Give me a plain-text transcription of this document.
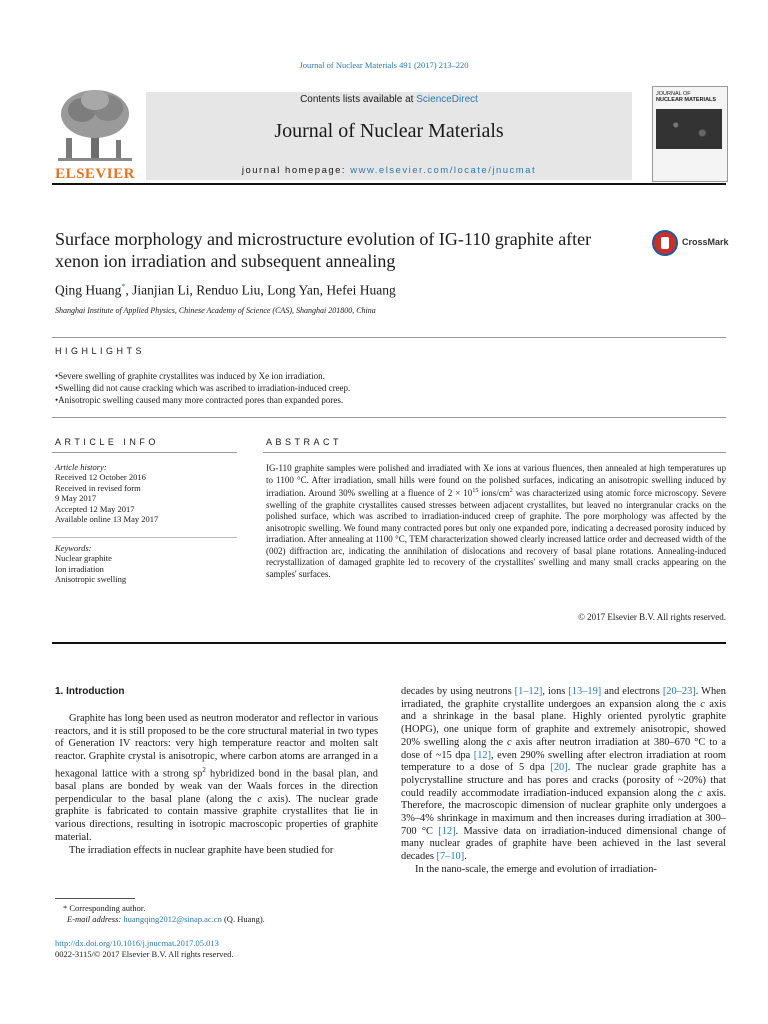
Journal of Nuclear Materials 491 (2017) 213–220
ELSEVIER
Contents lists available at ScienceDirect
Journal of Nuclear Materials
journal homepage: www.elsevier.com/locate/jnucmat
JOURNAL OF
NUCLEAR MATERIALS
Surface morphology and microstructure evolution of IG-110 graphite after xenon ion irradiation and subsequent annealing
CrossMark
Qing Huang*, Jianjian Li, Renduo Liu, Long Yan, Hefei Huang
Shanghai Institute of Applied Physics, Chinese Academy of Science (CAS), Shanghai 201800, China
HIGHLIGHTS
• Severe swelling of graphite crystallites was induced by Xe ion irradiation.
• Swelling did not cause cracking which was ascribed to irradiation-induced creep.
• Anisotropic swelling caused many more contracted pores than expanded pores.
ARTICLE INFO	ABSTRACT
Article history:
Received 12 October 2016
Received in revised form
9 May 2017
Accepted 12 May 2017
Available online 13 May 2017
Keywords:
Nuclear graphite
Ion irradiation
Anisotropic swelling
IG-110 graphite samples were polished and irradiated with Xe ions at various fluences, then annealed at high temperatures up to 1100 °C. After irradiation, small hills were found on the polished surfaces, indicating an anisotropic swelling induced by irradiation. Around 30% swelling at a fluence of $2 \times 10^{15}$ ions/$cm^2$ was characterized using atomic force microscopy. Severe swelling of the graphite crystallites caused stresses between adjacent crystallites, but leaved no intergranular cracks on the polished surface, which was ascribed to irradiation-induced creep of graphite. The pore morphology was affected by the anisotropic swelling. We found many contracted pores but only one expanded pore, indicating a decreased porosity induced by irradiation. After annealing at 1100 °C, TEM characterization showed clearly increased lattice order and decreased width of the (002) diffraction arc, indicating the annihilation of dislocations and recovery of basal plane rotations. Annealing-induced recrystallization of damaged graphite led to recovery of the crystallites' swelling and many small cracks appearing on the samples' surfaces.
© 2017 Elsevier B.V. All rights reserved.
1. Introduction

Graphite has long been used as neutron moderator and reflector in various reactors, and it is still proposed to be the core structural material in two types of Generation IV reactors: very high temperature reactor and molten salt reactor. Graphite crystal is anisotropic, where carbon atoms are arranged in a hexagonal lattice with a strong $sp^2$ hybridized bond in the basal plan, and basal plans are bonded by weak van der Waals forces in the direction perpendicular to the basal plane (along the c axis). The nuclear grade graphite is fabricated to contain massive graphite crystallites that lie in various directions, resulting in isotropic macroscopic properties of graphite material.

The irradiation effects in nuclear graphite have been studied for

decades by using neutrons [1–12], ions [13–19] and electrons [20–23]. When irradiated, the graphite crystallite undergoes an expansion along the c axis and a shrinkage in the basal plane. Highly oriented pyrolytic graphite (HOPG), one unique form of graphite and extremely anisotropic, showed 20% swelling along the c axis after neutron irradiation at 380–670 °C to a dose of ~15 dpa [12], even 290% swelling after electron irradiation at room temperature to a dose of 5 dpa [20]. The nuclear grade graphite has a polycrystalline structure and has pores and cracks (porosity of ~20%) that could readily accommodate irradiation-induced expansion along the c axis. Therefore, the macroscopic dimension of nuclear graphite only undergoes a 3%–4% shrinkage in maximum and then increases during irradiation at 300–700 °C [12]. Massive data on irradiation-induced dimensional change of many nuclear grades of graphite have been achieved in the last several decades [7–10].

In the nano-scale, the emerge and evolution of irradiation-

* Corresponding author.
E-mail address: huangqing2012@sinap.ac.cn (Q. Huang).
http://dx.doi.org/10.1016/j.jnucmat.2017.05.013
0022-3115/© 2017 Elsevier B.V. All rights reserved.
